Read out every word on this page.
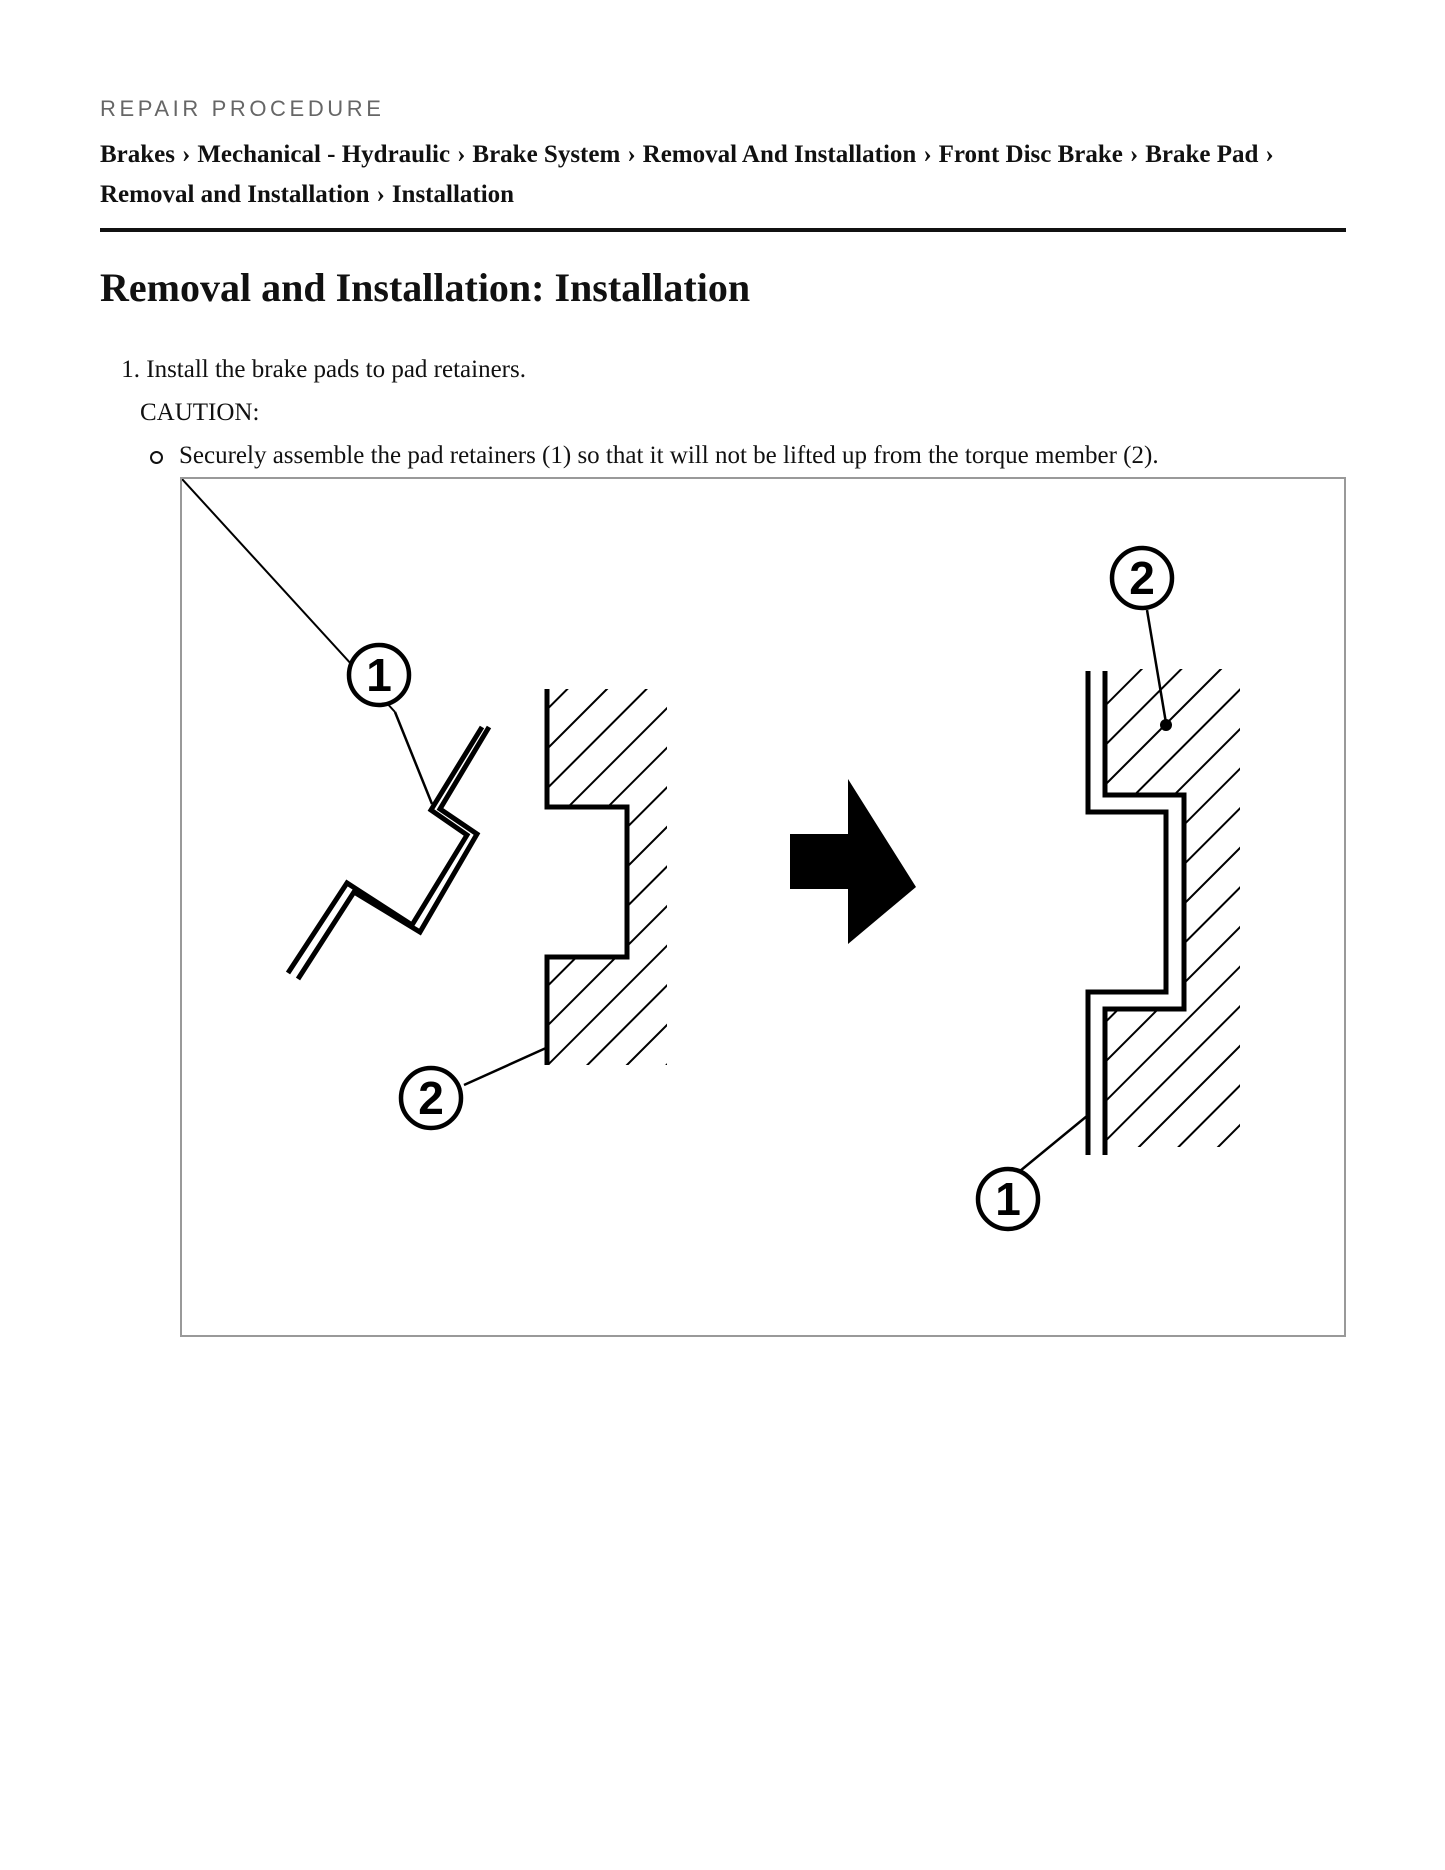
REPAIR PROCEDURE
Brakes › Mechanical - Hydraulic › Brake System › Removal And Installation › Front Disc Brake › Brake Pad ›
Removal and Installation › Installation
Removal and Installation: Installation
1. Install the brake pads to pad retainers.
CAUTION:
Securely assemble the pad retainers (1) so that it will not be lifted up from the torque member (2).
1
2
2
1
